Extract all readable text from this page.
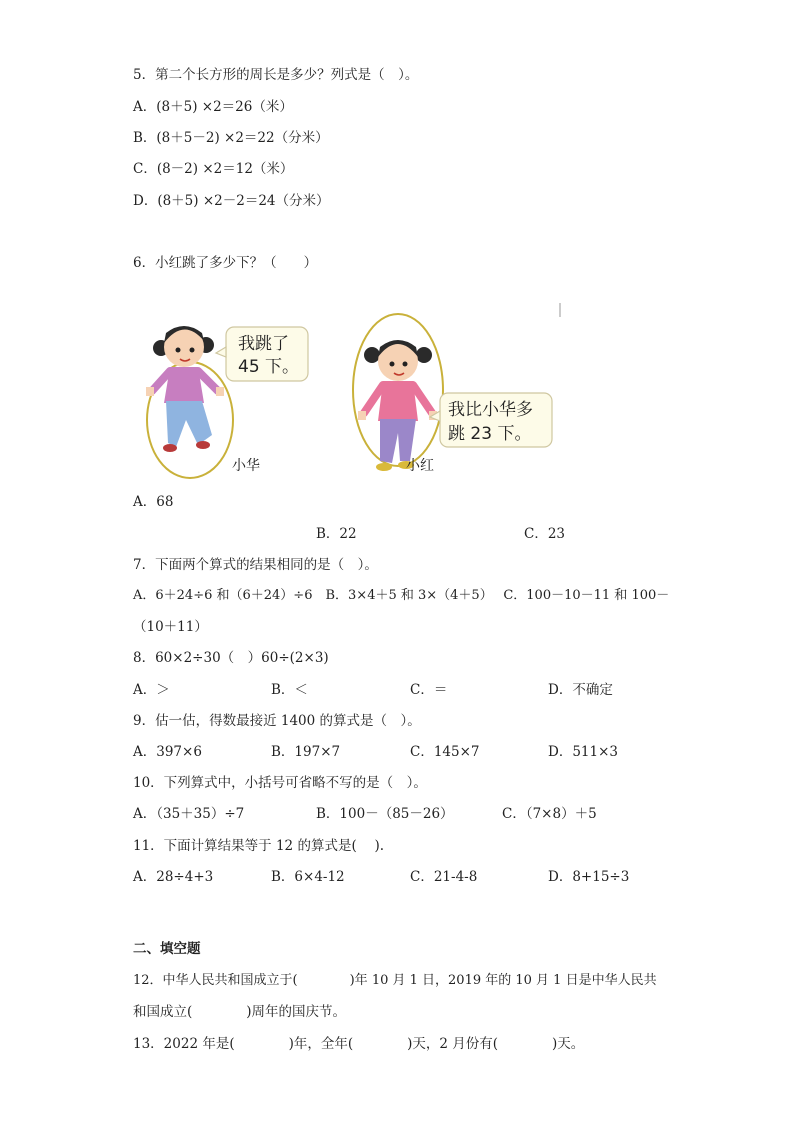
5．第二个长方形的周长是多少？列式是（　）。
A．(8＋5) ×2＝26（米）
B．(8＋5－2) ×2＝22（分米）
C．(8－2) ×2＝12（米）
D．(8＋5) ×2－2＝24（分米）
6．小红跳了多少下？（　　）
我跳了
45 下。
小华
我比小华多
跳 23 下。
小红
A．68
B．22	C．23
7．下面两个算式的结果相同的是（　）。
A．6＋24÷6 和（6＋24）÷6　B．3×4＋5 和 3×（4＋5）　 C．100－10－11 和 100－
（10＋11）
8．60×2÷30（　）60÷(2×3)
A．＞	B．＜	C．＝	D．不确定
9．估一估，得数最接近 1400 的算式是（　）。
A．397×6	B．197×7	C．145×7	D．511×3
10．下列算式中，小括号可省略不写的是（　）。
A．（35＋35）÷7	B．100－（85－26）	C．（7×8）＋5
11．下面计算结果等于 12 的算式是(　 ).
A．28÷4+3	B．6×4-12	C．21-4-8	D．8+15÷3
二、填空题
12．中华人民共和国成立于(　　　　)年 10 月 1 日，2019 年的 10 月 1 日是中华人民共
和国成立(　　　　)周年的国庆节。
13．2022 年是(　　　　)年，全年(　　　　)天，2 月份有(　　　　)天。
